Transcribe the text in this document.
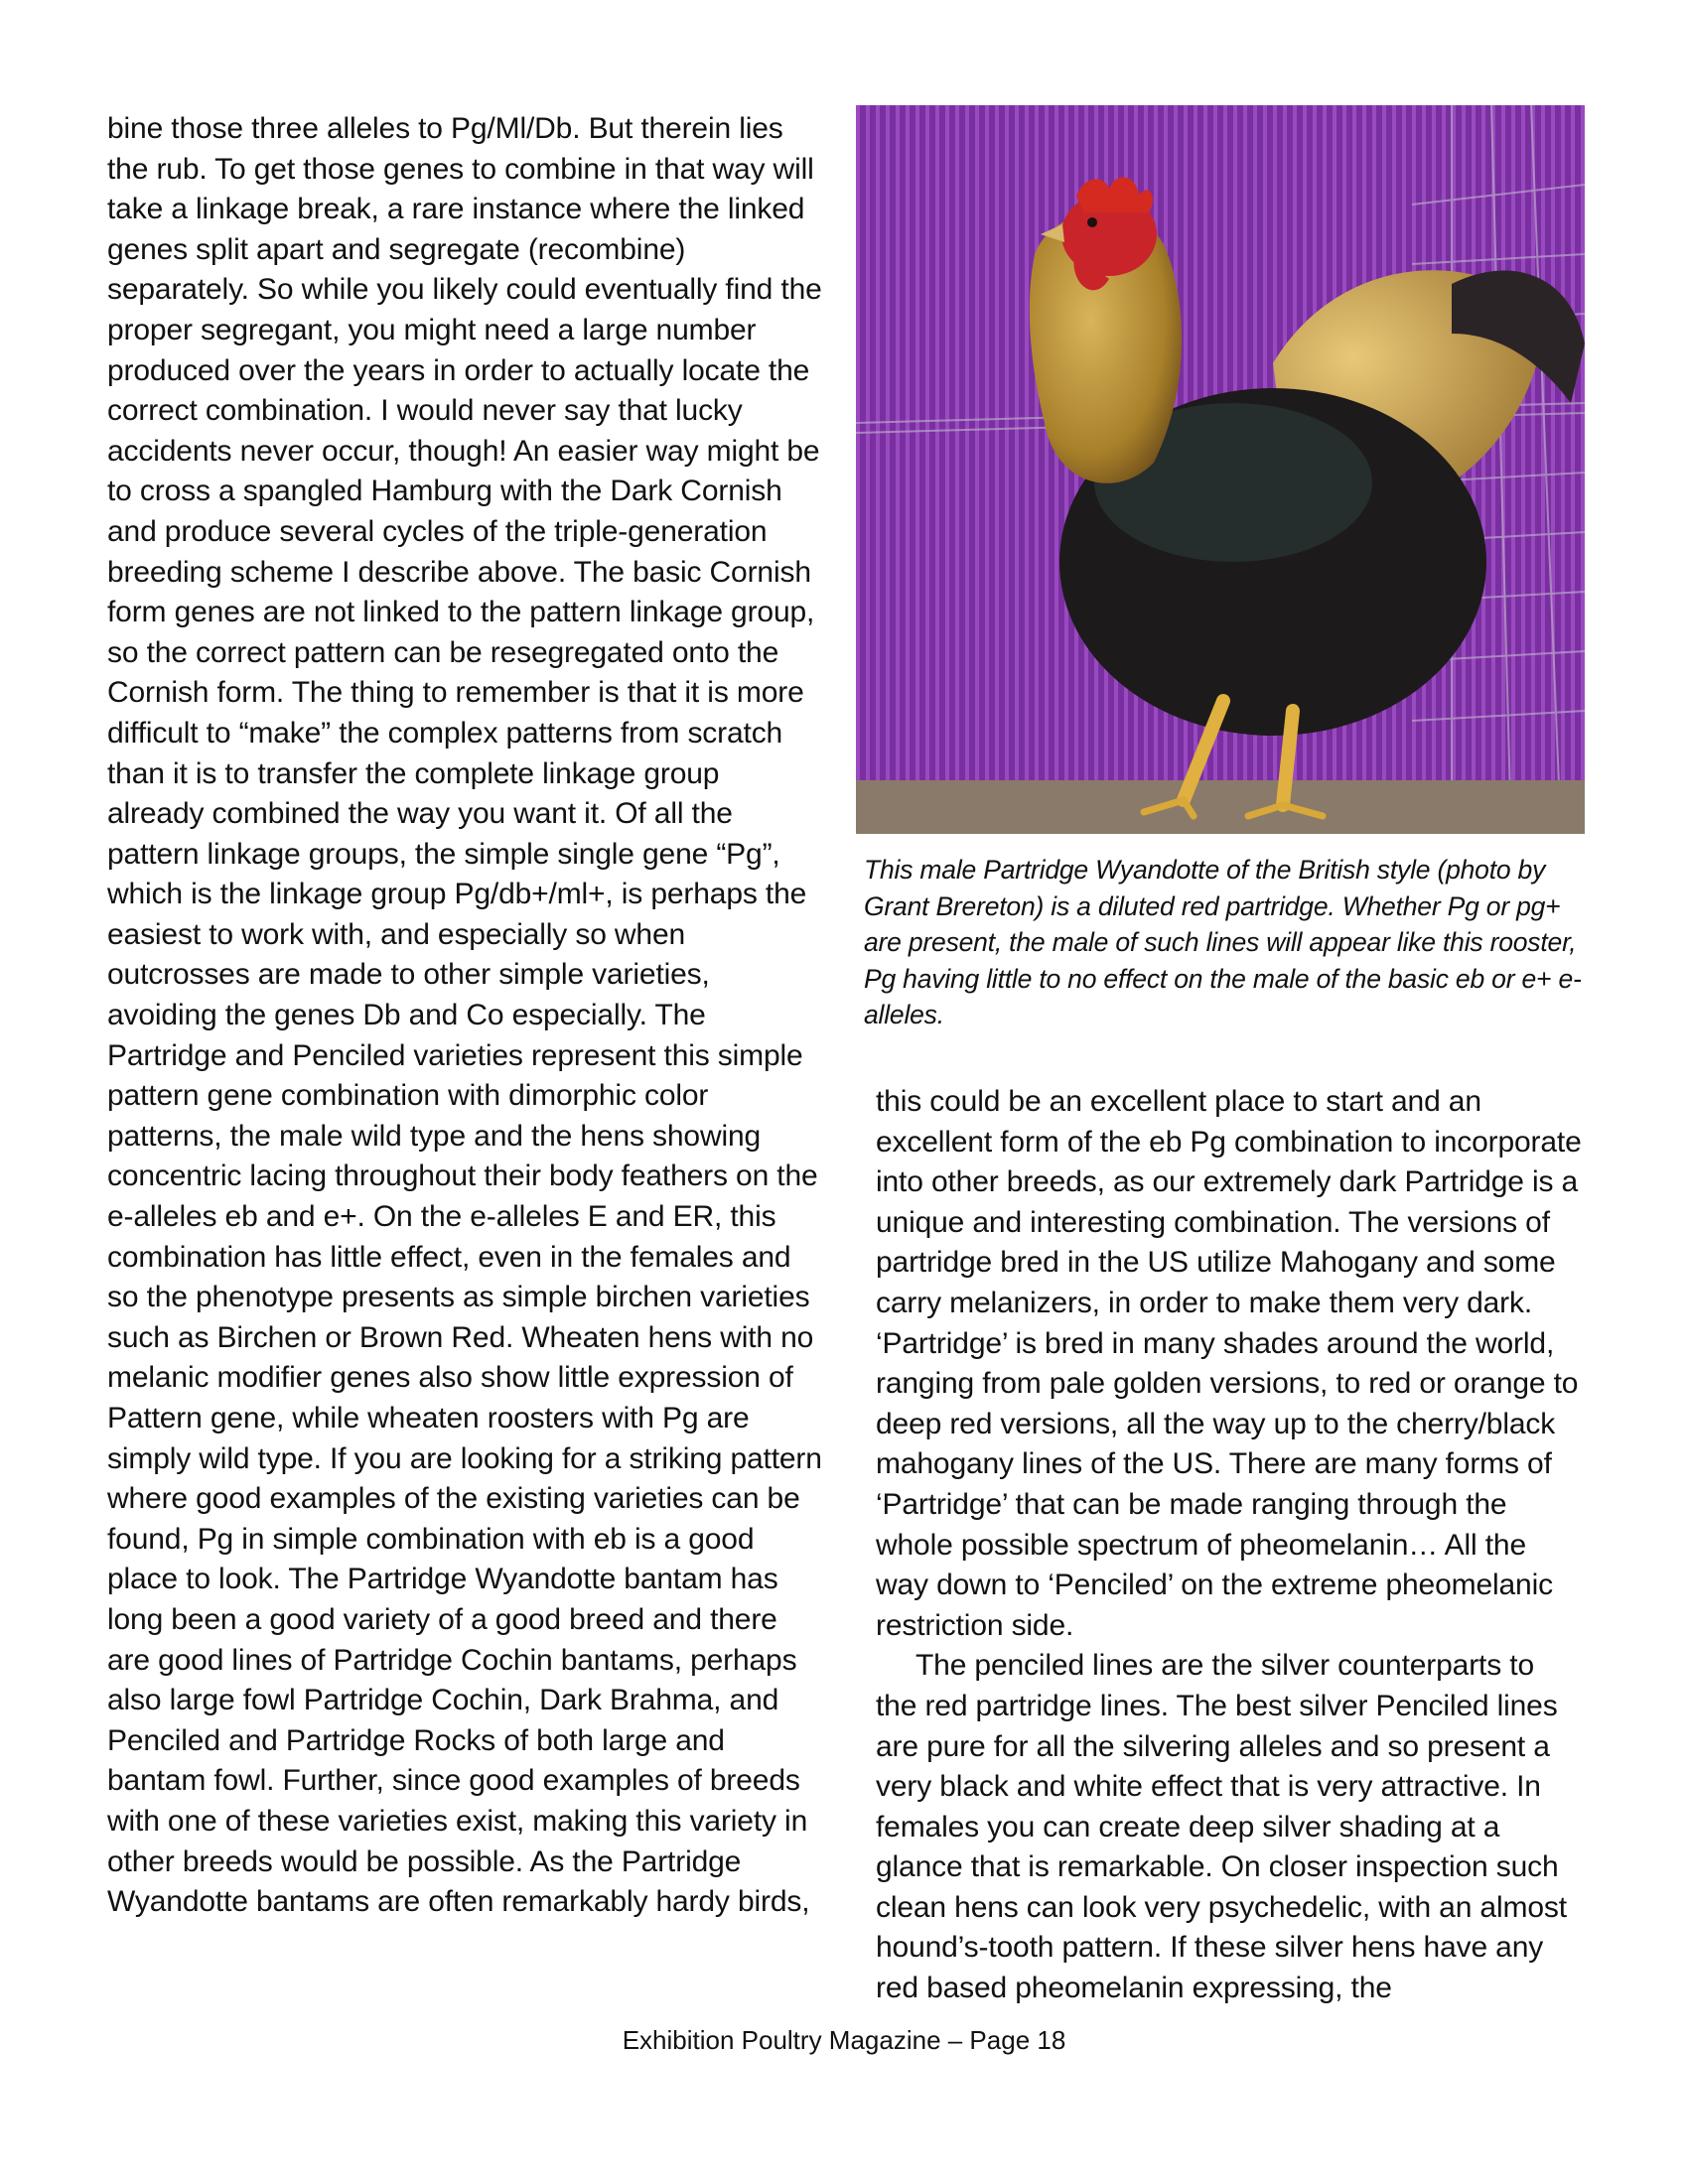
bine those three alleles to Pg/Ml/Db. But therein lies the rub. To get those genes to combine in that way will take a linkage break, a rare instance where the linked genes split apart and segregate (recombine) separately. So while you likely could eventually find the proper segregant, you might need a large number produced over the years in order to actually locate the correct combination. I would never say that lucky accidents never occur, though! An easier way might be to cross a spangled Hamburg with the Dark Cornish and produce several cycles of the triple-generation breeding scheme I describe above. The basic Cornish form genes are not linked to the pattern linkage group, so the correct pattern can be resegregated onto the Cornish form. The thing to remember is that it is more difficult to “make” the complex patterns from scratch than it is to transfer the complete linkage group already combined the way you want it. Of all the pattern linkage groups, the simple single gene “Pg”, which is the linkage group Pg/db+/ml+, is perhaps the easiest to work with, and especially so when outcrosses are made to other simple varieties, avoiding the genes Db and Co especially. The Partridge and Penciled varieties represent this simple pattern gene combination with dimorphic color patterns, the male wild type and the hens showing concentric lacing throughout their body feathers on the e-alleles eb and e+. On the e-alleles E and ER, this combination has little effect, even in the females and so the phenotype presents as simple birchen varieties such as Birchen or Brown Red. Wheaten hens with no melanic modifier genes also show little expression of Pattern gene, while wheaten roosters with Pg are simply wild type. If you are looking for a striking pattern where good examples of the existing varieties can be found, Pg in simple combination with eb is a good place to look. The Partridge Wyandotte bantam has long been a good variety of a good breed and there are good lines of Partridge Cochin bantams, perhaps also large fowl Partridge Cochin, Dark Brahma, and Penciled and Partridge Rocks of both large and bantam fowl. Further, since good examples of breeds with one of these varieties exist, making this variety in other breeds would be possible. As the Partridge Wyandotte bantams are often remarkably hardy birds,

This male Partridge Wyandotte of the British style (photo by Grant Brereton) is a diluted red partridge. Whether Pg or pg+ are present, the male of such lines will appear like this rooster, Pg having little to no effect on the male of the basic eb or e+ e-alleles.

this could be an excellent place to start and an excellent form of the eb Pg combination to incorporate into other breeds, as our extremely dark Partridge is a unique and interesting combination. The versions of partridge bred in the US utilize Mahogany and some carry melanizers, in order to make them very dark. ‘Partridge’ is bred in many shades around the world, ranging from pale golden versions, to red or orange to deep red versions, all the way up to the cherry/black mahogany lines of the US. There are many forms of ‘Partridge’ that can be made ranging through the whole possible spectrum of pheomelanin… All the way down to ‘Penciled’ on the extreme pheomelanic restriction side.

The penciled lines are the silver counterparts to the red partridge lines. The best silver Penciled lines are pure for all the silvering alleles and so present a very black and white effect that is very attractive. In females you can create deep silver shading at a glance that is remarkable. On closer inspection such clean hens can look very psychedelic, with an almost hound’s-tooth pattern. If these silver hens have any red based pheomelanin expressing, the

Exhibition Poultry Magazine – Page 18
